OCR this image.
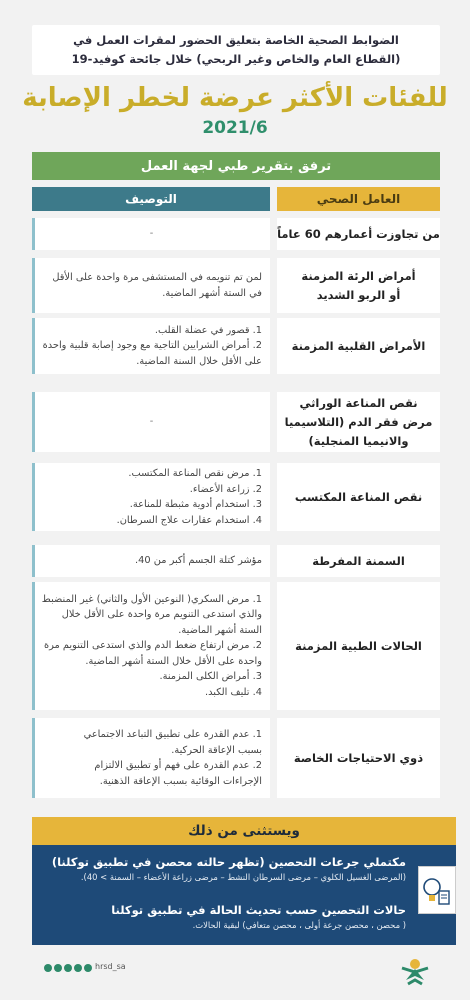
الضوابط الصحية الخاصة بتعليق الحضور لمقرات العمل في
(القطاع العام والخاص وغير الربحي) خلال جائحة كوفيد-19
للفئات الأكثر عرضة لخطر الإصابة
2021/6
ترفق بتقرير طبي لجهة العمل
العامل الصحي
التوصيف
-	من تجاوزت أعمارهم 60 عاماً
لمن تم تنويمه في المستشفى مرة واحدة على الأقل
في الستة أشهر الماضية.
أمراض الرئة المزمنة
أو الربو الشديد
1. قصور في عضلة القلب.
2. أمراض الشرايين التاجية مع وجود إصابة قلبية واحدة
على الأقل خلال السنة الماضية.
الأمراض القلبية المزمنة
-
نقص المناعة الوراثي
مرض فقر الدم (التلاسيميا
والانيميا المنجلية)
1. مرض نقص المناعة المكتسب.
2. زراعة الأعضاء.
3. استخدام أدوية مثبطة للمناعة.
4. استخدام عقارات علاج السرطان.
نقص المناعة المكتسب
مؤشر كتلة الجسم أكبر من 40.	السمنة المفرطة
1. مرض السكري( النوعين الأول والثاني) غير المنضبط
والذي استدعى التنويم مرة واحدة على الأقل خلال
الستة أشهر الماضية.
2. مرض ارتفاع ضغط الدم والذي استدعى التنويم مرة
واحدة على الأقل خلال الستة أشهر الماضية.
3. أمراض الكلى المزمنة.
4. تليف الكبد.
الحالات الطبية المزمنة
1. عدم القدرة على تطبيق التباعد الاجتماعي
بسبب الإعاقة الحركية.
2. عدم القدرة على فهم أو تطبيق الالتزام
الإجراءات الوقائية بسبب الإعاقة الذهنية.
ذوي الاحتياجات الخاصة
ويستثنى من ذلك
مكتملي جرعات التحصين (تظهر حالته محصن في تطبيق توكلنا)
(المرضى الغسيل الكلوي – مرضى السرطان النشط – مرضى زراعة الأعضاء – السمنة > 40).
حالات التحصين حسب تحديث الحالة في تطبيق توكلنا
( محصن ، محصن جرعة أولى ، محصن متعافي) لبقية الحالات.
hrsd_sa
